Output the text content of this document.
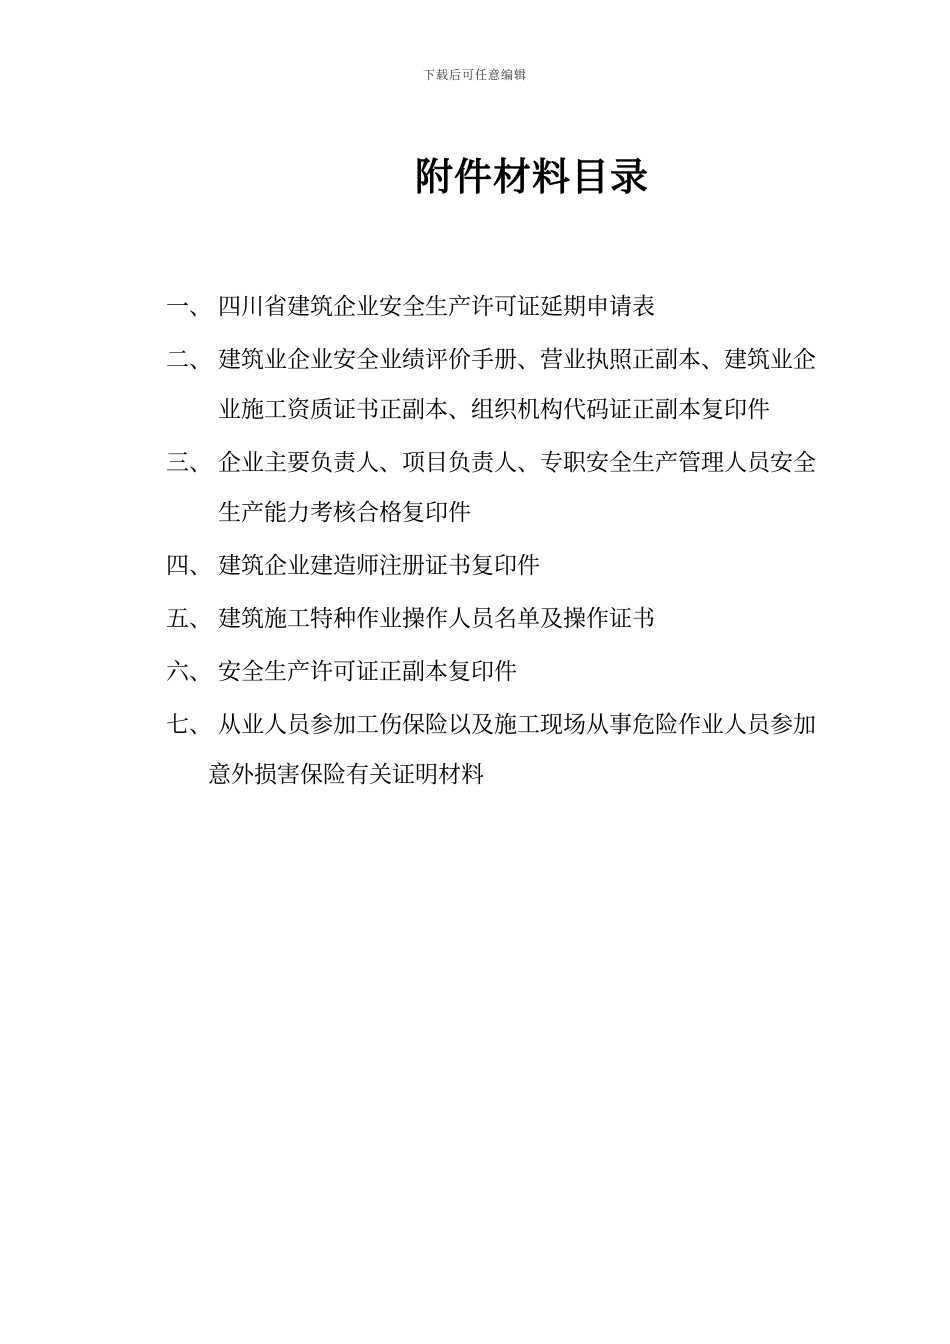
下载后可任意编辑
附件材料目录
一、 四川省建筑企业安全生产许可证延期申请表
二、 建筑业企业安全业绩评价手册、营业执照正副本、建筑业企业施工资质证书正副本、组织机构代码证正副本复印件
三、 企业主要负责人、项目负责人、专职安全生产管理人员安全生产能力考核合格复印件
四、 建筑企业建造师注册证书复印件
五、 建筑施工特种作业操作人员名单及操作证书
六、 安全生产许可证正副本复印件
七、 从业人员参加工伤保险以及施工现场从事危险作业人员参加意外损害保险有关证明材料
